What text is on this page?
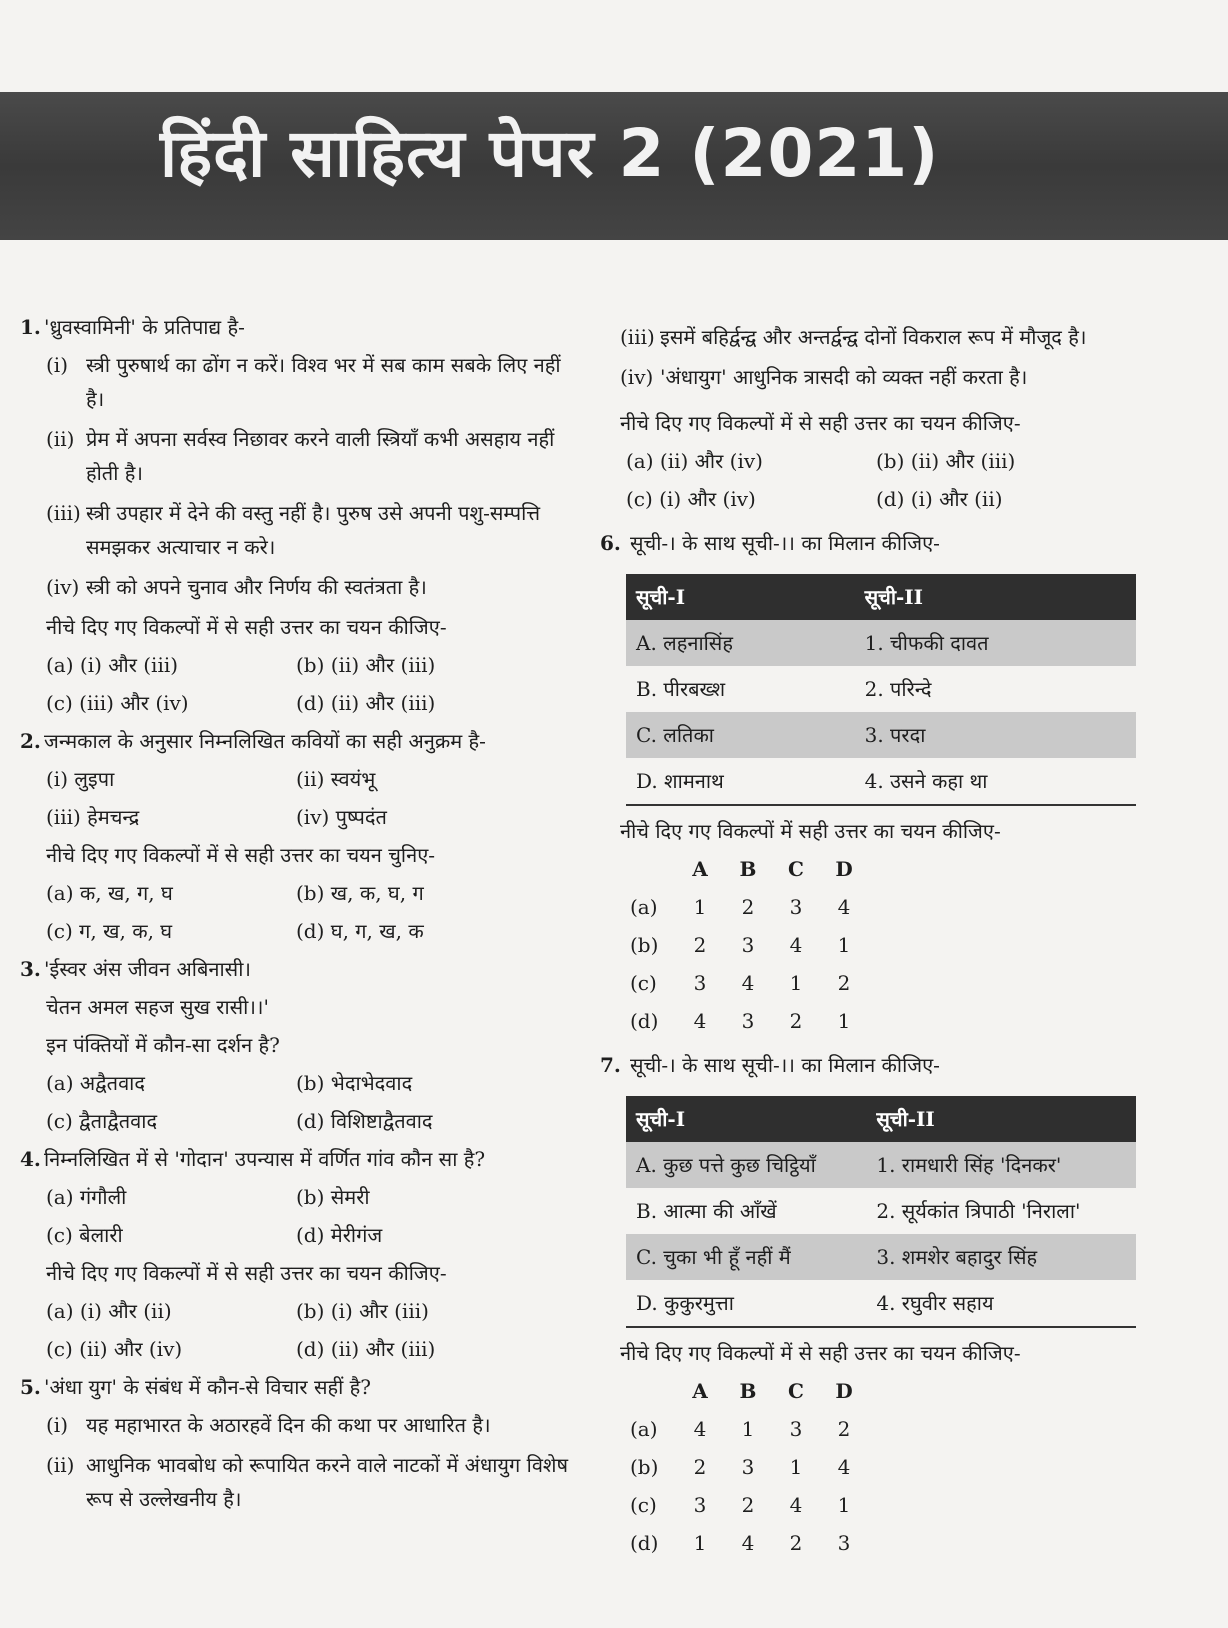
हिंदी साहित्य पेपर 2 (2021)
1. 'ध्रुवस्वामिनी' के प्रतिपाद्य है-
(i) स्त्री पुरुषार्थ का ढोंग न करें। विश्व भर में सब काम सबके लिए नहीं है।
(ii) प्रेम में अपना सर्वस्व निछावर करने वाली स्त्रियाँ कभी असहाय नहीं होती है।
(iii) स्त्री उपहार में देने की वस्तु नहीं है। पुरुष उसे अपनी पशु-सम्पत्ति समझकर अत्याचार न करे।
(iv) स्त्री को अपने चुनाव और निर्णय की स्वतंत्रता है।
नीचे दिए गए विकल्पों में से सही उत्तर का चयन कीजिए-
(a) (i) और (iii)	(b) (ii) और (iii)
(c) (iii) और (iv)	(d) (ii) और (iii)
2. जन्मकाल के अनुसार निम्नलिखित कवियों का सही अनुक्रम है-
(i) लुइपा	(ii) स्वयंभू
(iii) हेमचन्द्र	(iv) पुष्पदंत
नीचे दिए गए विकल्पों में से सही उत्तर का चयन चुनिए-
(a) क, ख, ग, घ	(b) ख, क, घ, ग
(c) ग, ख, क, घ	(d) घ, ग, ख, क
3. 'ईस्वर अंस जीवन अबिनासी।
चेतन अमल सहज सुख रासी।।'
इन पंक्तियों में कौन-सा दर्शन है?
(a) अद्वैतवाद	(b) भेदाभेदवाद
(c) द्वैताद्वैतवाद	(d) विशिष्टाद्वैतवाद
4. निम्नलिखित में से 'गोदान' उपन्यास में वर्णित गांव कौन सा है?
(a) गंगौली	(b) सेमरी
(c) बेलारी	(d) मेरीगंज
नीचे दिए गए विकल्पों में से सही उत्तर का चयन कीजिए-
(a) (i) और (ii)	(b) (i) और (iii)
(c) (ii) और (iv)	(d) (ii) और (iii)
5. 'अंधा युग' के संबंध में कौन-से विचार सहीं है?
(i) यह महाभारत के अठारहवें दिन की कथा पर आधारित है।
(ii) आधुनिक भावबोध को रूपायित करने वाले नाटकों में अंधायुग विशेष रूप से उल्लेखनीय है।
(iii) इसमें बहिर्द्वन्द्व और अन्तर्द्वन्द्व दोनों विकराल रूप में मौजूद है।
(iv) 'अंधायुग' आधुनिक त्रासदी को व्यक्त नहीं करता है।
नीचे दिए गए विकल्पों में से सही उत्तर का चयन कीजिए-
(a) (ii) और (iv)	(b) (ii) और (iii)
(c) (i) और (iv)	(d) (i) और (ii)
6. सूची-। के साथ सूची-।। का मिलान कीजिए-
सूची-I	सूची-II
A. लहनासिंह	1. चीफकी दावत
B. पीरबख्श	2. परिन्दे
C. लतिका	3. परदा
D. शामनाथ	4. उसने कहा था
नीचे दिए गए विकल्पों में सही उत्तर का चयन कीजिए-
A	B	C	D
(a)	1	2	3	4
(b)	2	3	4	1
(c)	3	4	1	2
(d)	4	3	2	1
7. सूची-। के साथ सूची-।। का मिलान कीजिए-
सूची-I	सूची-II
A. कुछ पत्ते कुछ चिट्ठियाँ	1. रामधारी सिंह 'दिनकर'
B. आत्मा की आँखें	2. सूर्यकांत त्रिपाठी 'निराला'
C. चुका भी हूँ नहीं मैं	3. शमशेर बहादुर सिंह
D. कुकुरमुत्ता	4. रघुवीर सहाय
नीचे दिए गए विकल्पों में से सही उत्तर का चयन कीजिए-
A	B	C	D
(a)	4	1	3	2
(b)	2	3	1	4
(c)	3	2	4	1
(d)	1	4	2	3
